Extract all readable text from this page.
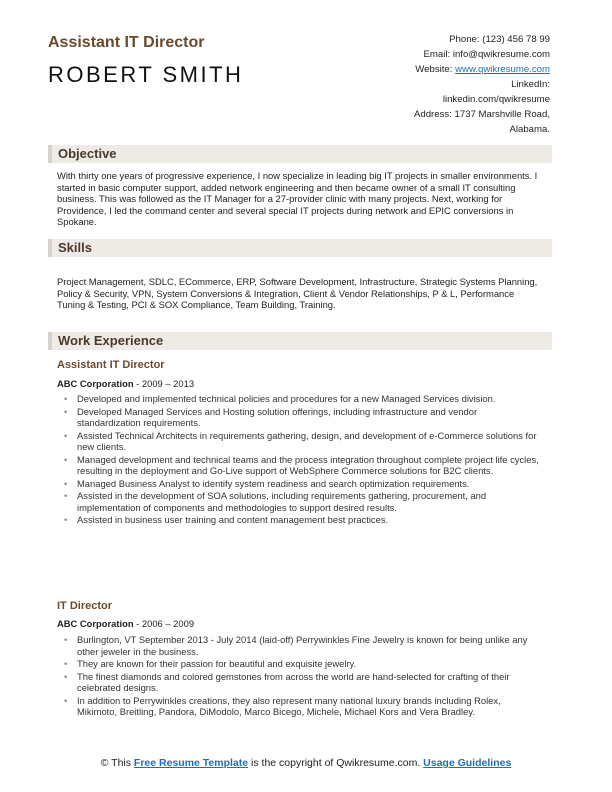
Assistant IT Director
ROBERT SMITH
Phone: (123) 456 78 99
Email: info@qwikresume.com
Website: www.qwikresume.com
LinkedIn:
linkedin.com/qwikresume
Address: 1737 Marshville Road,
Alabama.
Objective
With thirty one years of progressive experience, I now specialize in leading big IT projects in smaller environments. I started in basic computer support, added network engineering and then became owner of a small IT consulting business. This was followed as the IT Manager for a 27-provider clinic with many projects. Next, working for Providence, I led the command center and several special IT projects during network and EPIC conversions in Spokane.
Skills
Project Management, SDLC, ECommerce, ERP, Software Development, Infrastructure, Strategic Systems Planning, Policy & Security, VPN, System Conversions & Integration, Client & Vendor Relationships, P & L, Performance Tuning & Testing, PCI & SOX Compliance, Team Building, Training.
Work Experience
Assistant IT Director
ABC Corporation - 2009 – 2013
• Developed and implemented technical policies and procedures for a new Managed Services division.
• Developed Managed Services and Hosting solution offerings, including infrastructure and vendor standardization requirements.
• Assisted Technical Architects in requirements gathering, design, and development of e-Commerce solutions for new clients.
• Managed development and technical teams and the process integration throughout complete project life cycles, resulting in the deployment and Go-Live support of WebSphere Commerce solutions for B2C clients.
• Managed Business Analyst to identify system readiness and search optimization requirements.
• Assisted in the development of SOA solutions, including requirements gathering, procurement, and implementation of components and methodologies to support desired results.
• Assisted in business user training and content management best practices.
IT Director
ABC Corporation - 2006 – 2009
• Burlington, VT September 2013 - July 2014 (laid-off) Perrywinkles Fine Jewelry is known for being unlike any other jeweler in the business.
• They are known for their passion for beautiful and exquisite jewelry.
• The finest diamonds and colored gemstones from across the world are hand-selected for crafting of their celebrated designs.
• In addition to Perrywinkles creations, they also represent many national luxury brands including Rolex, Mikimoto, Breitling, Pandora, DiModolo, Marco Bicego, Michele, Michael Kors and Vera Bradley.
© This Free Resume Template is the copyright of Qwikresume.com. Usage Guidelines
